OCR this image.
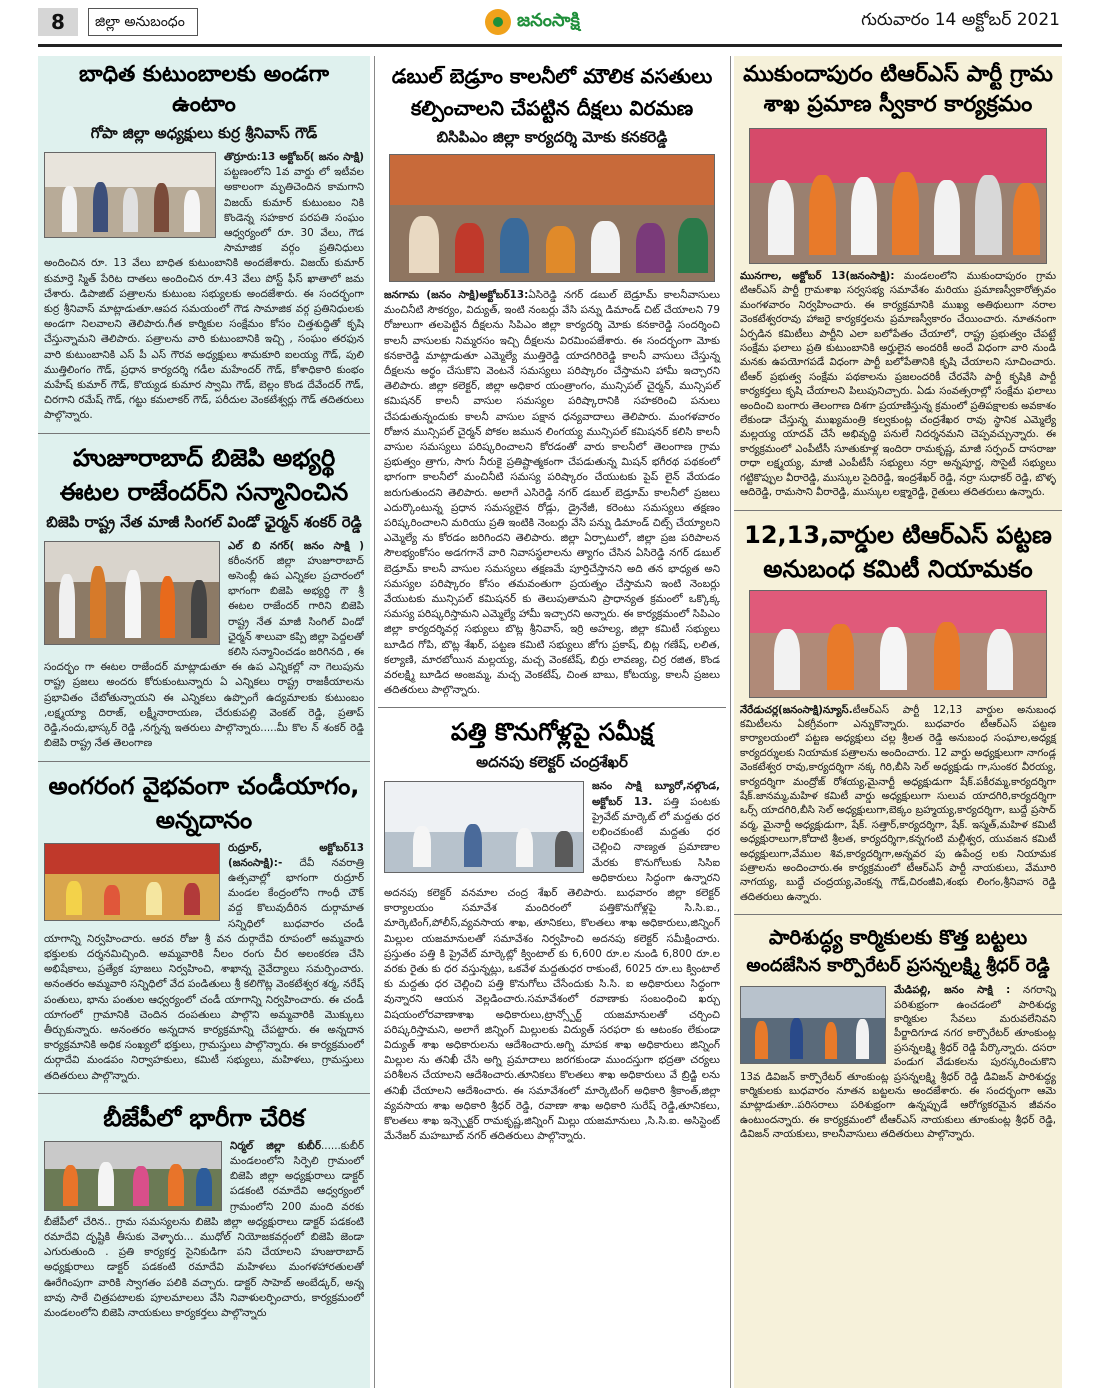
8	జిల్లా అనుబంధం	జనంసాక్షి	గురువారం 14 అక్టోబర్ 2021
బాధిత కుటుంబాలకు అండగా ఉంటాం
గోపా జిల్లా అధ్యక్షులు కుర్ర శ్రీనివాస్ గౌడ్
తొర్రూరు:13 అక్టోబర్( జనం సాక్షి) పట్టణంలోని 1వ వార్డు లో ఇటీవల అకాలంగా మృతిచెందిన కామగాని విజయ్ కుమార్ కుటుంబం నికి కొండెన్న సహకార పరపతి సంఘం ఆధ్వర్యంలో రూ. 30 వేలు, గౌడ సామాజిక వర్గం ప్రతినిధులు అందించిన రూ. 13 వేలు బాధిత కుటుంబానికి అందజేశారు. విజయ్ కుమార్ కుమార్తె స్మిత్ పేరిట దాతలు అందించిన రూ.43 వేలు పోస్ట్ ఫీస్ ఖాతాలో జమ చేశారు. డిపాజిట్ పత్రాలను కుటుంబ సభ్యులకు అందజేశారు. ఈ సందర్భంగా కుర్ర శ్రీనివాస్ మాట్లాడుతూ.ఆపద సమయంలో గౌడ సామాజిక వర్గ ప్రతినిధులకు అండగా నిలవాలని తెలిపారు.గీత కార్మికుల సంక్షేమం కోసం చిత్తశుద్ధితో కృషి చేస్తున్నామని తెలిపారు. పత్రాలను వారి కుటుంబానికి ఇచ్చి , సంఘం తరఫున వారి కుటుంబానికి ఎస్ పీ ఎస్ గౌరవ అధ్యక్షులు శామకూరి ఐలయ్య గౌడ్, పులి ముత్తిలింగం గౌడ్, ప్రధాన కార్యదర్శి గడీల మహేందర్ గౌడ్, కోశాధికారి కుంభం మహేష్ కుమార్ గౌడ్, కొయ్యడ కుమార స్వామి గౌడ్, బెల్లం కొండ దేవేందర్ గౌడ్, చిరగాని రమేష్ గౌడ్, గట్టు కమలాకర్ గౌడ్, పరీదుల వెంకటేశ్వర్లు గౌడ్ తదితరులు పాల్గొన్నారు.
హుజూరాబాద్ బిజెపి అభ్యర్థి
ఈటల రాజేందర్‌ని సన్మానించిన
బిజెపి రాష్ట్ర నేత మాజీ సింగల్ విండో ఛైర్మన్ శంకర్ రెడ్డి
ఎల్ బి నగర్( జనం సాక్షి ) కరీంనగర్ జిల్లా హుజూరాబాద్ అసెంబ్లీ ఉప ఎన్నికల ప్రచారంలో భాగంగా బిజెపి అభ్యర్థి గౌ శ్రీ ఈటల రాజేందర్ గారిని బిజెపి రాష్ట్ర నేత మాజీ సింగిల్ విండో ఛైర్మన్ శాలువా కప్పి జిల్లా పెద్దలతో కలిసి సన్మానించడం జరిగినది , ఈ సందర్భం గా ఈటల రాజేందర్ మాట్లాడుతూ ఈ ఉప ఎన్నికల్లో నా గెలుపును రాష్ట్ర ప్రజలు అందరు కోరుకుంటున్నారు ఏ ఎన్నికలు రాష్ట్ర రాజకీయాలను ప్రభావితం చేబోతున్నాయని ఈ ఎన్నికలు ఉప్పొంగే ఉద్యమాలకు కుటుంబం ,లక్ష్మయ్యా దిరాజ్, లక్ష్మీనారాయణ, చేరుకుపల్లి వెంకట్ రెడ్డి, ప్రతాప్ రెడ్డి,నందు,భాస్కర్ రెడ్డి ,నగ్నన్న ఇతరులు పాల్గొన్నారు.....మీ కొల న్ శంకర్ రెడ్డి బిజెపి రాష్ట్ర నేత తెలంగాణ
అంగరంగ వైభవంగా చండీయాగం, అన్నదానం
రుద్రూర్, అక్టోబర్13 (జనంసాక్షి):- దేవీ నవరాత్రి ఉత్సవాల్లో భాగంగా రుద్రూర్ మండల కేంద్రంలోని గాంధీ చౌక్ వద్ద కొలువుదీరిన దుర్గామాత సన్నిధిలో బుధవారం చండీ యాగాన్ని నిర్వహించారు. ఆరవ రోజు శ్రీ వన దుర్గాదేవి రూపంలో అమ్మవారు భక్తులకు దర్శనమిచ్చింది. అమ్మవారికి నీలం రంగు చీర అలంకరణ చేసి అభిషేకాలు, ప్రత్యేక పూజలు నిర్వహించి, శాఖాన్న నైవేద్యాలు సమర్పించారు. అనంతరం అమ్మవారి సన్నిధిలో వేద పండితులు శ్రీ కలిగొట్ల వెంకటేశ్వర శర్మ, నరేష్ పంతులు, భాను పంతుల ఆధ్వర్యంలో చండీ యాగాన్ని నిర్వహించారు. ఈ చండీ యాగంలో గ్రామానికి చెందిన దంపతులు పాల్గొని అమ్మవారికి మొక్కులు తీర్చుకున్నారు. అనంతరం అన్నదాన కార్యక్రమాన్ని చేపట్టారు. ఈ అన్నదాన కార్యక్రమానికి అధిక సంఖ్యలో భక్తులు, గ్రామస్తులు పాల్గొన్నారు. ఈ కార్యక్రమంలో దుర్గాదేవి మండపం నిర్వాహకులు, కమిటీ సభ్యులు, మహిళలు, గ్రామస్తులు తదితరులు పాల్గొన్నారు.
బీజేపీలో భారీగా చేరిక
నిర్మల్ జిల్లా కుబీర్......కుబీర్ మండలంలోని సిర్పెలి గ్రామంలో బిజెపి జిల్లా అధ్యక్షురాలు డాక్టర్ పడకంటి రమాదేవి ఆధ్వర్యంలో గ్రామంలోని 200 మంది వరకు బీజేపీలో చేరిన.. గ్రామ సమస్యలను బిజెపి జిల్లా అధ్యక్షురాలు డాక్టర్ పడకంటి రమాదేవి దృష్టికి తీసుకు వెళ్ళారు... ముధోల్ నియోజకవర్గంలో బిజెపి జెండా ఎగురుతుంది . ప్రతి కార్యకర్త సైనికుడిగా పని చేయాలని హుజురాబాద్ అధ్యక్షురాలు డాక్టర్ పడకంటి రమాదేవి మహిళలు మంగళహారతులతో ఊరేగింపుగా వారికి స్వాగతం పలికి వచ్చారు. డాక్టర్ సాహెబ్ అంబేడ్కర్, అన్న బావు సాఠే చిత్రపటాలకు పూలమాలలు వేసి నివాళులర్పించారు, కార్యక్రమంలో మండలంలోని బిజెపి నాయకులు కార్యకర్తలు పాల్గొన్నారు
డబుల్ బెడ్రూం కాలనీలో మౌలిక వసతులు
కల్పించాలని చేపట్టిన దీక్షలు విరమణ
బిసిపిఎం జిల్లా కార్యదర్శి మోకు కనకరెడ్డి
జనగామ (జనం సాక్షి)అక్టోబర్13:ఏసిరెడ్డి నగర్ డబుల్ బెడ్రూమ్ కాలనీవాసులు మంచినీటి సౌకర్యం, విద్యుత్, ఇంటి నంబర్లు వేసి పన్ను డిమాండ్ చిట్ చేయాలని 79 రోజులుగా తలపెట్టిన దీక్షలను సిపిఎం జిల్లా కార్యదర్శి మోకు కనకారెడ్డి సందర్శించి కాలనీ వాసులకు నిమ్మరసం ఇచ్చి దీక్షలను విరమింపజేశారు. ఈ సందర్భంగా మోకు కనకారెడ్డి మాట్లాడుతూ ఎమ్మెల్యే ముత్తిరెడ్డి యాదగిరిరెడ్డి కాలనీ వాసులు చేస్తున్న దీక్షలను అర్థం చేసుకొని వెంటనే సమస్యలు పరిష్కారం చేస్తామని హామీ ఇచ్చారని తెలిపారు. జిల్లా కలెక్టర్, జిల్లా అధికార యంత్రాంగం, మున్సిపల్ చైర్మన్, మున్సిపల్ కమిషనర్ కాలనీ వాసుల సమస్యల పరిష్కారానికి సహకరించి పనులు చేపడుతున్నందుకు కాలనీ వాసుల పక్షాన ధన్యవాదాలు తెలిపారు. మంగళవారం రోజున మున్సిపల్ చైర్మన్ పోకల జమున లింగయ్య మున్సిపల్ కమిషనర్ కలిసి కాలనీ వాసుల సమస్యలు పరిష్కరించాలని కోరడంతో వారు కాలనీలో తెలంగాణ గ్రామ ప్రభుత్వం త్రాగు, సాగు నీరుకై ప్రతిష్టాత్మకంగా చేపడుతున్న మిషన్ భగీరథ పథకంలో భాగంగా కాలనీలో మంచినీటి సమస్య పరిష్కారం చేయుటకు పైప్ లైన్ వేయడం జరుగుతుందని తెలిపారు. అలాగే ఎసిరెడ్డి నగర్ డబుల్ బెడ్రూమ్ కాలనీలో ప్రజలు ఎదుర్కొంటున్న ప్రధాన సమస్యలైన రోడ్లు, డ్రైనేజీ, కరెంటు సమస్యలు తక్షణం పరిష్కరించాలని మరియు ప్రతి ఇంటికి నెంబర్లు వేసి పన్ను డిమాండ్ చిట్స్ చేయ్యాలని ఎమ్మెల్యే ను కోరడం జరిగిందని తెలిపారు. జిల్లా ఏర్పాటులో, జిల్లా ప్రజ పరిపాలన సౌలభ్యంకోసం అడగగానే వారి నివాసస్థలాలను త్యాగం చేసిన ఏసిరెడ్డి నగర్ డబుల్ బెడ్రూమ్ కాలనీ వాసుల సమస్యలు తక్షణమే పూర్తిచేస్తానని అది తన భాధ్యత అని సమస్యల పరిష్కారం కోసం తమవంతుగా ప్రయత్నం చేస్తామని ఇంటి నెంబర్లు వేయుటకు మున్సిపల్ కమిషనర్ కు తెలుపుతామని ప్రాధాన్యత క్రమంలో ఒక్కొక్క సమస్య పరిష్కరిస్తామని ఎమ్మెల్యే హామీ ఇచ్చారని అన్నారు. ఈ కార్యక్రమంలో సిపిఎం జిల్లా కార్యదర్శివర్గ సభ్యులు బొట్ల శ్రీనివాస్, ఇర్రి అహల్య, జిల్లా కమిటీ సభ్యులు బూడిద గోపి, బొట్ల శేఖర్, పట్టణ కమిటి సభ్యులు జోగు ప్రకాష్, బిట్ల గణేష్, లలిత, కల్యాణి, మారబోయిన మల్లయ్య, మచ్చ వెంకటేష్, బిర్రు లావణ్య, చిర్ర రజిత, కొండ వరలక్ష్మి బూడిద అంజమ్మ, మచ్చ వెంకటేష్, చింత బాబు, కోటయ్య, కాలనీ ప్రజలు తదితరులు పాల్గొన్నారు.
పత్తి కొనుగోళ్లపై సమీక్ష
అదనపు కలెక్టర్ చంద్రశేఖర్
జనం సాక్షి బ్యూరో,నల్గొండ, అక్టోబర్ 13. పత్తి పంటకు ప్రైవేట్ మార్కెట్ లో మద్దతు ధర లభించకుంటే మద్దతు ధర చెల్లించి నాణ్యత ప్రమాణాల మేరకు కొనుగోలుకు సిసిఐ అధికారులు సిద్ధంగా ఉన్నారని అదనపు కలెక్టర్ వనమాల చంద్ర శేఖర్ తెలిపారు. బుధవారం జిల్లా కలెక్టర్ కార్యాలయం సమావేశ మందిరంలో పత్తికొనుగోళ్లపై సి.సి.ఐ., మార్కెటింగ్,పోలీస్,వ్యవసాయ శాఖ, తూనికలు, కొలతలు శాఖ అధికారులు,జిన్నింగ్ మిల్లుల యజమానులతో సమావేశం నిర్వహించి అదనపు కలెక్టర్ సమీక్షించారు. ప్రస్తుతం పత్తి కి ప్రైవేట్ మార్కెట్లో క్వింటాల్ కు 6,600 రూ.ల నుండి 6,800 రూ.ల వరకు రైతు కు ధర వస్తున్నట్లు, ఒకవేళ మద్దతుధర రాకుంటే, 6025 రూ.లు క్వింటాల్ కు మద్దతు ధర చెల్లించి పత్తి కొనుగోలు చేసేందుకు సి.సి. ఐ అధికారులు సిద్ధంగా వున్నారని ఆయన వెల్లడించారు.సమావేశంలో రవాణాకు సంబంధించి ఖర్చు విషయంలోరవాణాశాఖ అధికారులు,ట్రాన్స్పోర్ట్ యజమానులతో చర్చించి పరిష్కరిస్తామని, అలాగే జిన్నింగ్ మిల్లులకు విద్యుత్ సరఫరా కు ఆటంకం లేకుండా విద్యుత్ శాఖ అధికారులను ఆదేశించారు.అగ్ని మాపక శాఖ అధికారులు జిన్నింగ్ మిల్లుల ను తనిఖీ చేసి అగ్ని ప్రమాదాలు జరగకుండా ముందస్తుగా భద్రతా చర్యలు పరిశీలన చేయాలని ఆదేశించారు.తూనికలు కొలతలు శాఖ అధికారులు వే బ్రిడ్జి లను తనిఖీ చేయాలని ఆదేశించారు. ఈ సమావేశంలో మార్కెటింగ్ అధికారి శ్రీకాంత్,జిల్లా వ్యవసాయ శాఖ అధికారి శ్రీధర్ రెడ్డి, రవాణా శాఖ అధికారి సురేష్ రెడ్డి,తూనికలు, కొలతలు శాఖ ఇన్స్పెక్టర్ రామకృష్ణ,జిన్నింగ్ మిల్లు యజమానులు ,సి.సి.ఐ. అసిస్టెంట్ మేనేజర్ మహబూబ్ నగర్ తదితరులు పాల్గొన్నారు.
ముకుందాపురం టిఆర్ఎస్ పార్టీ గ్రామ
శాఖ ప్రమాణ స్వీకార కార్యక్రమం
మునగాల, అక్టోబర్ 13(జనంసాక్షి): మండలంలోని ముకుందాపురం గ్రామ టిఆర్ఎస్ పార్టీ గ్రామశాఖ సర్వసభ్య సమావేశం మరియు ప్రమాణస్వీకారోత్సవం మంగళవారం నిర్వహించారు. ఈ కార్యక్రమానికి ముఖ్య అతిథులుగా నరాల వెంకటేశ్వరరావు హాజరై కార్యకర్తలను ప్రమాణస్వీకారం చేయించారు. నూతనంగా ఏర్పడిన కమిటీలు పార్టీని ఎలా బలోపేతం చేయాలో, రాష్ట్ర ప్రభుత్వం చేపట్టే సంక్షేమ ఫలాలు ప్రతి కుటుంబానికి అర్హులైన అందరికీ అందే విధంగా వారి నుండి మనకు ఉపయోగపడే విధంగా పార్టీ బలోపేతానికి కృషి చేయాలని సూచించారు. టీఆర్ ప్రభుత్వ సంక్షేమ పథకాలను ప్రజలందరికీ చేరవేసి పార్టీ కృషికి పార్టీ కార్యకర్తలు కృషి చేయాలని పిలుపునిచ్చారు. ఏడు సంవత్సరాల్లో సంక్షేమ ఫలాలు అందించి బంగారు తెలంగాణ దిశగా ప్రయాణిస్తున్న క్రమంలో ప్రతిపక్షాలకు అవకాశం లేకుండా చేస్తున్న ముఖ్యమంత్రి కల్వకుంట్ల చంద్రశేఖర రావు స్థానిక ఎమ్మెల్యే మల్లయ్య యాదవ్ చేసే అభివృద్ధి పనులే నిదర్శనమని చెప్పవచ్చున్నారు. ఈ కార్యక్రమంలో ఎంపీటీసీ సూతుకూళ్ల ఇందిరా రామకృష్ణ, మాజీ సర్పంచ్ దాసరాజు రాధా లక్ష్మయ్య, మాజీ ఎంపీటీసీ సభ్యులు నర్రా అన్నపూర్ణ, సొసైటీ సభ్యులు గట్టికొప్పుల వీరారెడ్డి, ముస్కుల సైదిరెడ్డి, ఇంద్రశేఖర్ రెడ్డి, నర్రా సుధాకర్ రెడ్డి, బొళ్ళ ఆదిరెడ్డి, రామసాని వీరారెడ్డి, ముస్కుల లక్ష్మారెడ్డి, రైతులు తదితరులు ఉన్నారు.
12,13,వార్డుల టిఆర్ఎస్ పట్టణ
అనుబంధ కమిటీ నియామకం
నేరేడుచర్ల(జనంసాక్షి)న్యూస్.టీఆర్ఎస్ పార్టీ 12,13 వార్డుల అనుబంధ కమిటీలను ఏకగ్రీవంగా ఎన్నుకొన్నారు. బుధవారం టీఆర్ఎస్ పట్టణ కార్యాలయంలో పట్టణ అధ్యక్షులు చల్ల శ్రీలత రెడ్డి అనుబంధ సంఘాల,అధ్యక్ష కార్యదర్శులకు నియామక పత్రాలను అందించారు. 12 వార్డు అధ్యక్షులుగా నాగండ్ల వెంకటేశ్వర రావు,కార్యదర్శిగా నక్క గిరి,బీసి సెల్ అధ్యక్షుడు గా,సుంకర వీరయ్య, కార్యదర్శిగా మంద్రోజ్ రోశయ్య,మైనార్టీ అధ్యక్షుడుగా షేక్.పకీరమ్మ,కార్యదర్శిగా షేక్.జానమ్మ,మహిళ కమిటీ వార్డు అధ్యక్షులుగా సులువ యాదగిరి,కార్యదర్శిగా ఒర్స్ యాదగిరి,బీసి సెల్ అధ్యక్షులుగా,బెక్కం బ్రహ్మయ్య,కార్యదర్శిగా, బుద్దే ప్రసాద్ వర్మ, మైనార్టీ అధ్యక్షుడుగా, షేక్. సత్తార్,కార్యదర్శిగా, షేక్. ఇస్మత్,మహిళ కమిటీ అధ్యక్షురాలుగా,కోదాటి శ్రీలత, కార్యదర్శిగా,కన్నగంటి మల్లీశ్వర, యువజన కమిటీ అధ్యక్షులుగా,వేముల శివ,కార్యదర్శిగా,అన్నవర పు ఉపేంద్ర లకు నియామక పత్రాలను అందించారు.ఈ కార్యక్రమంలో టీఆర్ఎస్ పార్టీ నాయకులు, వేమూరి నాగయ్య, బుద్ధే చంద్రయ్య,వెంకన్న గౌడ్,చిరంజీవి,శంభు లింగం,శ్రీనివాస రెడ్డి తదితరులు ఉన్నారు.
పారిశుద్ధ్య కార్మికులకు కొత్త బట్టలు
అందజేసిన కార్పొరేటర్ ప్రసన్నలక్ష్మి శ్రీధర్ రెడ్డి
మేడిపల్లి, జనం సాక్షి : నగరాన్ని పరిశుభ్రంగా ఉంచడంలో పారిశుధ్య కార్మికుల సేవలు మరువలేనివని పీర్జాదిగూడ నగర కార్పొరేటర్ తూంకుంట్ల ప్రసన్నలక్ష్మి శ్రీధర్ రెడ్డి పేర్కొన్నారు. దసరా పండుగ వేడుకలను పురస్కరించుకొని 13వ డివిజన్ కార్పొరేటర్ తూంకుంట్ల ప్రసన్నలక్ష్మి శ్రీధర్ రెడ్డి డివిజన్ పారిశుద్ధ్య కార్మికులకు బుధవారం నూతన బట్టలను అందజేశారు. ఈ సందర్భంగా ఆమె మాట్లాడుతూ..పరిసరాలు పరిశుభ్రంగా ఉన్నప్పుడే ఆరోగ్యకరమైన జీవనం ఉంటుందన్నారు. ఈ కార్యక్రమంలో టీఆర్ఎస్ నాయకులు తూంకుంట్ల శ్రీధర్ రెడ్డి, డివిజన్ నాయకులు, కాలనీవాసులు తదితరులు పాల్గొన్నారు.
